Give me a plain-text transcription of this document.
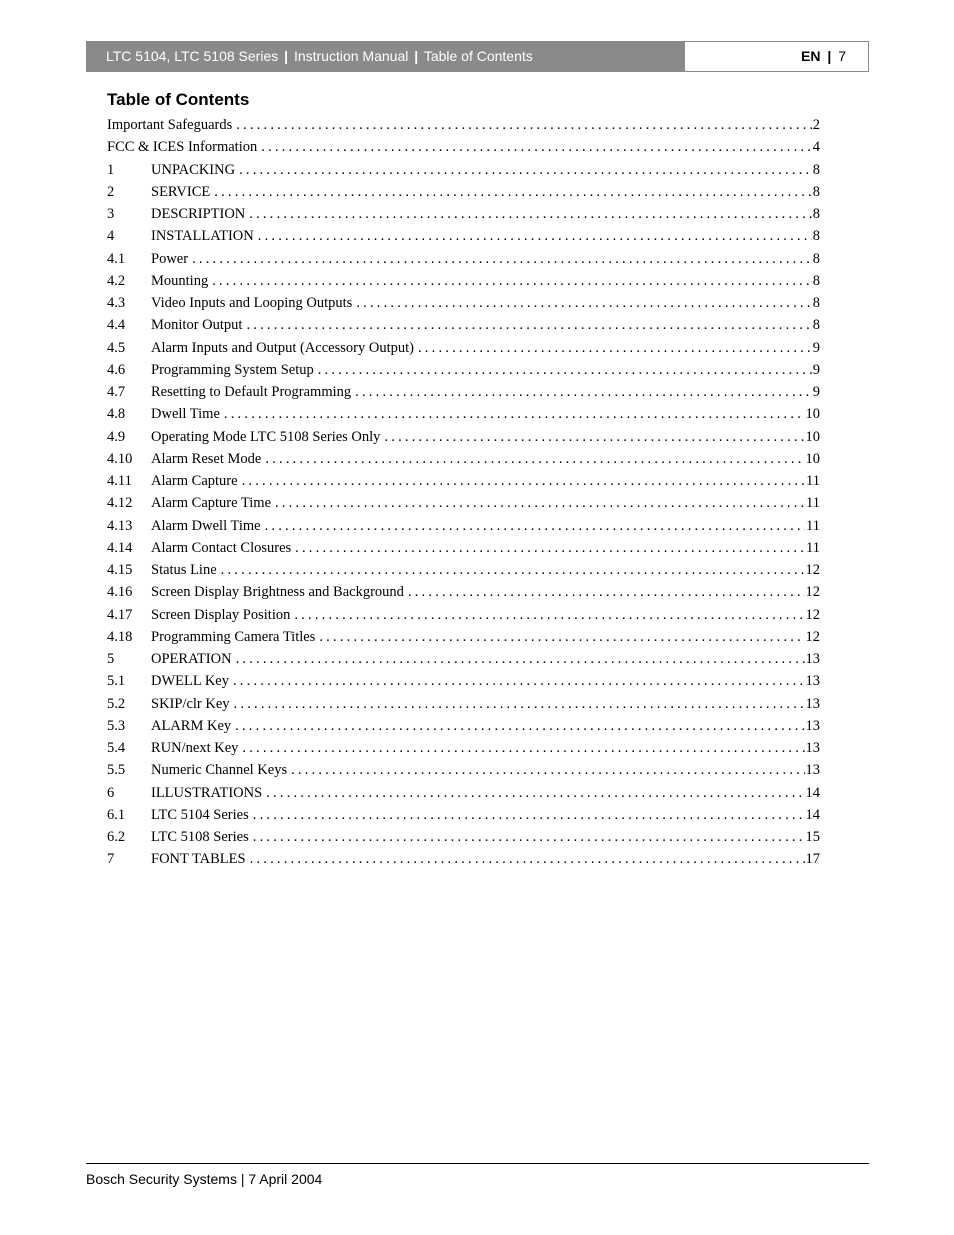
LTC 5104, LTC 5108 Series | Instruction Manual | Table of Contents	EN | 7
Table of Contents
Important Safeguards .....	2
FCC & ICES Information .....	4
1	UNPACKING .....	8
2	SERVICE .....	8
3	DESCRIPTION .....	8
4	INSTALLATION .....	8
4.1	Power .....	8
4.2	Mounting .....	8
4.3	Video Inputs and Looping Outputs .....	8
4.4	Monitor Output .....	8
4.5	Alarm Inputs and Output (Accessory Output) .....	9
4.6	Programming System Setup .....	9
4.7	Resetting to Default Programming .....	9
4.8	Dwell Time .....	10
4.9	Operating Mode LTC 5108 Series Only .....	10
4.10	Alarm Reset Mode .....	10
4.11	Alarm Capture .....	11
4.12	Alarm Capture Time .....	11
4.13	Alarm Dwell Time .....	11
4.14	Alarm Contact Closures .....	11
4.15	Status Line .....	12
4.16	Screen Display Brightness and Background .....	12
4.17	Screen Display Position .....	12
4.18	Programming Camera Titles .....	12
5	OPERATION .....	13
5.1	DWELL Key .....	13
5.2	SKIP/clr Key .....	13
5.3	ALARM Key .....	13
5.4	RUN/next Key .....	13
5.5	Numeric Channel Keys .....	13
6	ILLUSTRATIONS .....	14
6.1	LTC 5104 Series .....	14
6.2	LTC 5108 Series .....	15
7	FONT TABLES .....	17
Bosch Security Systems | 7 April 2004
